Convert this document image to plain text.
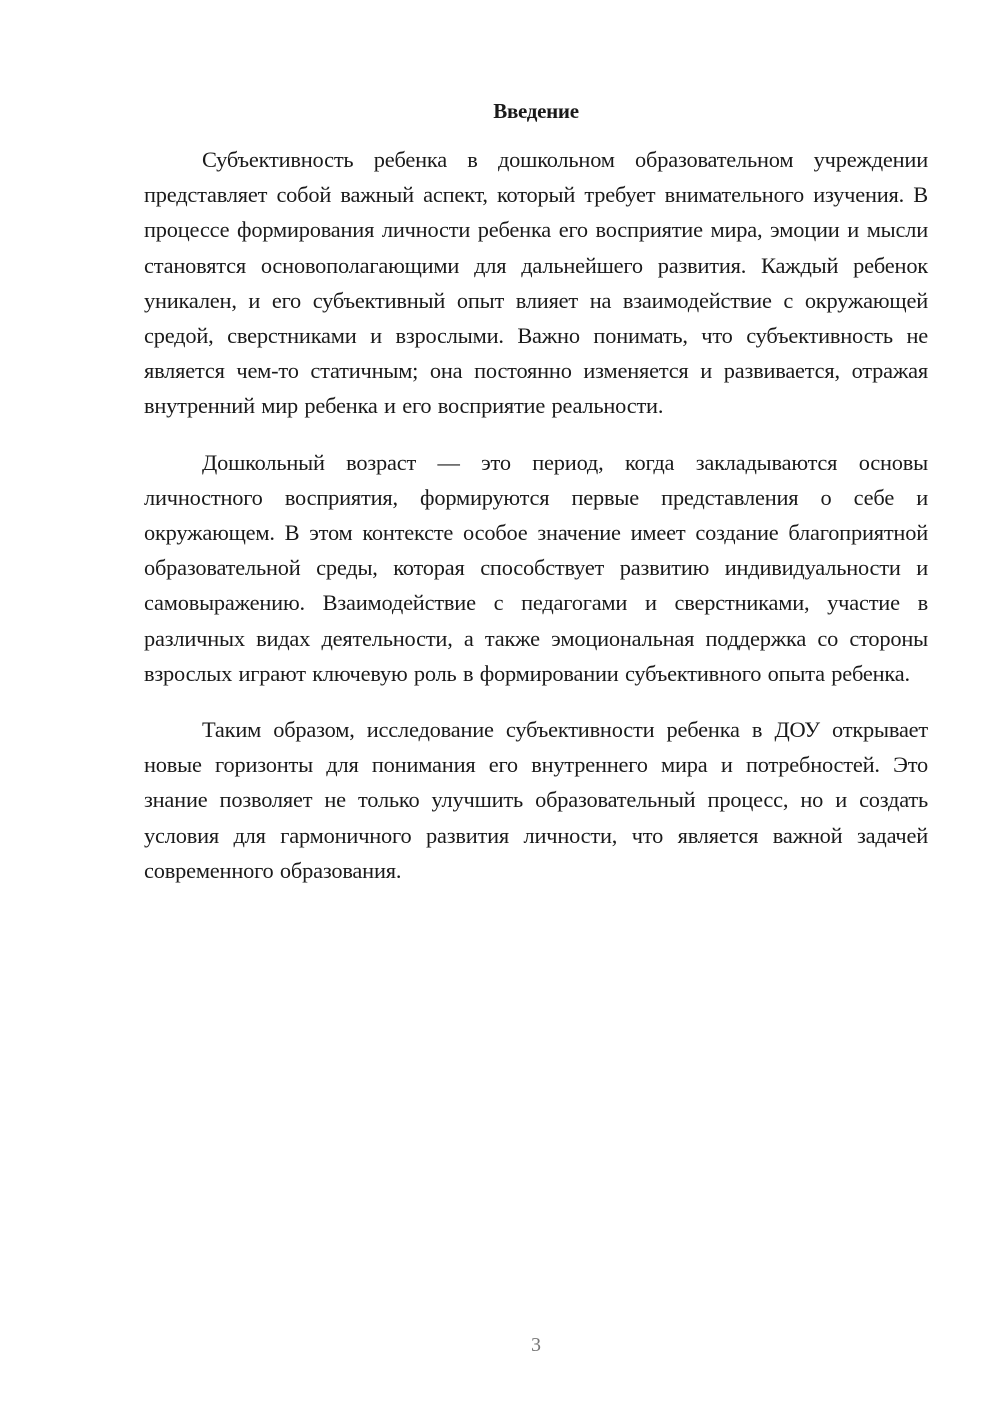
Введение

Субъективность ребенка в дошкольном образовательном учреждении представляет собой важный аспект, который требует внимательного изучения. В процессе формирования личности ребенка его восприятие мира, эмоции и мысли становятся основополагающими для дальнейшего развития. Каждый ребенок уникален, и его субъективный опыт влияет на взаимодействие с окружающей средой, сверстниками и взрослыми. Важно понимать, что субъективность не является чем-то статичным; она постоянно изменяется и развивается, отражая внутренний мир ребенка и его восприятие реальности.

Дошкольный возраст — это период, когда закладываются основы личностного восприятия, формируются первые представления о себе и окружающем. В этом контексте особое значение имеет создание благоприятной образовательной среды, которая способствует развитию индивидуальности и самовыражению. Взаимодействие с педагогами и сверстниками, участие в различных видах деятельности, а также эмоциональная поддержка со стороны взрослых играют ключевую роль в формировании субъективного опыта ребенка.

Таким образом, исследование субъективности ребенка в ДОУ открывает новые горизонты для понимания его внутреннего мира и потребностей. Это знание позволяет не только улучшить образовательный процесс, но и создать условия для гармоничного развития личности, что является важной задачей современного образования.

3
